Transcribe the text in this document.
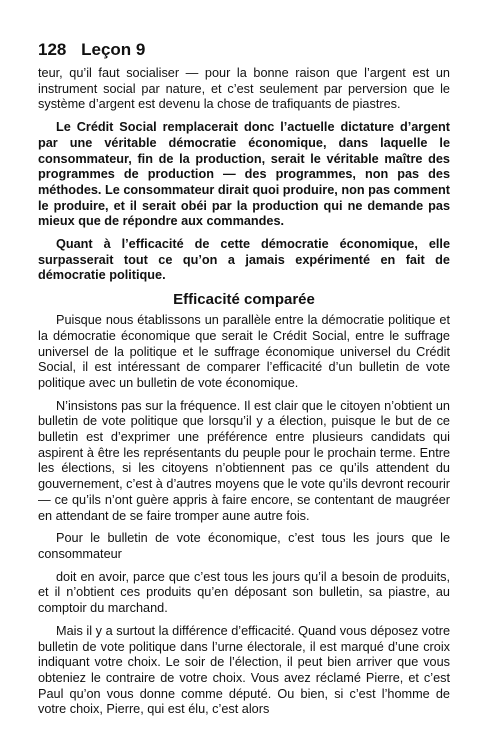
128 Leçon 9

teur, qu’il faut socialiser — pour la bonne raison que l’argent est un instrument social par nature, et c’est seulement par perversion que le système d’argent est devenu la chose de trafiquants de piastres.

Le Crédit Social remplacerait donc l’actuelle dictature d’argent par une véritable démocratie économique, dans laquelle le consommateur, fin de la production, serait le véritable maître des programmes de production — des programmes, non pas des méthodes. Le consommateur dirait quoi produire, non pas comment le produire, et il serait obéi par la production qui ne demande pas mieux que de répondre aux commandes.

Quant à l’efficacité de cette démocratie économique, elle surpasserait tout ce qu’on a jamais expérimenté en fait de démocratie politique.

Efficacité comparée

Puisque nous établissons un parallèle entre la démocratie politique et la démocratie économique que serait le Crédit Social, entre le suffrage universel de la politique et le suffrage économique universel du Crédit Social, il est intéressant de comparer l’efficacité d’un bulletin de vote politique avec un bulletin de vote économique.

N’insistons pas sur la fréquence. Il est clair que le citoyen n’obtient un bulletin de vote politique que lorsqu’il y a élection, puisque le but de ce bulletin est d’exprimer une préférence entre plusieurs candidats qui aspirent à être les représentants du peuple pour le prochain terme. Entre les élections, si les citoyens n’obtiennent pas ce qu’ils attendent du gouvernement, c’est à d’autres moyens que le vote qu’ils devront recourir — ce qu’ils n’ont guère appris à faire encore, se contentant de maugréer en attendant de se faire tromper aune autre fois.

Pour le bulletin de vote économique, c’est tous les jours que le consommateur

doit en avoir, parce que c’est tous les jours qu’il a besoin de produits, et il n’obtient ces produits qu’en déposant son bulletin, sa piastre, au comptoir du marchand.

Mais il y a surtout la différence d’efficacité. Quand vous déposez votre bulletin de vote politique dans l’urne électorale, il est marqué d’une croix indiquant votre choix. Le soir de l’élection, il peut bien arriver que vous obteniez le contraire de votre choix. Vous avez réclamé Pierre, et c’est Paul qu’on vous donne comme député. Ou bien, si c’est l’homme de votre choix, Pierre, qui est élu, c’est alors
